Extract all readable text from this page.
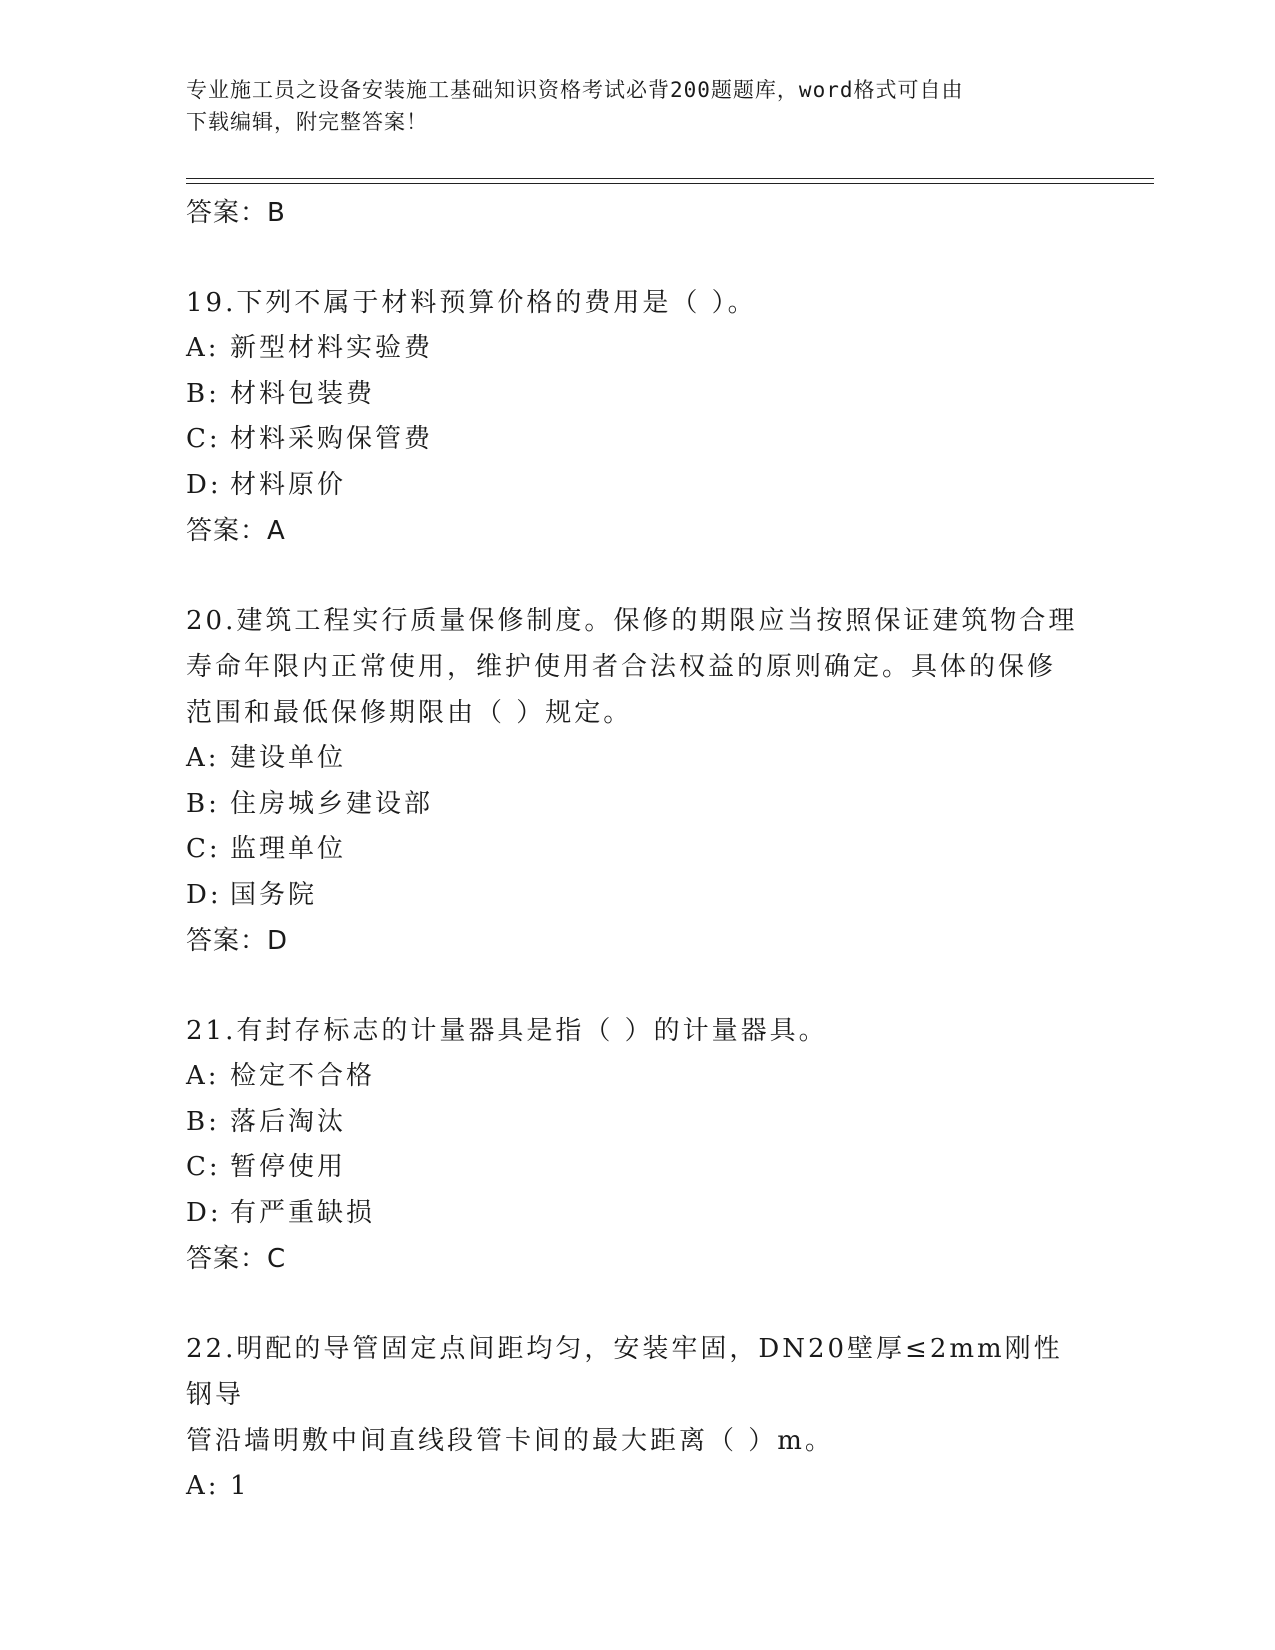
专业施工员之设备安装施工基础知识资格考试必背200题题库，word格式可自由
下载编辑，附完整答案！
答案：B
19.下列不属于材料预算价格的费用是（ ）。
A: 新型材料实验费
B: 材料包装费
C: 材料采购保管费
D: 材料原价
答案：A
20.建筑工程实行质量保修制度。保修的期限应当按照保证建筑物合理
寿命年限内正常使用，维护使用者合法权益的原则确定。具体的保修
范围和最低保修期限由（ ）规定。
A: 建设单位
B: 住房城乡建设部
C: 监理单位
D: 国务院
答案：D
21.有封存标志的计量器具是指（ ）的计量器具。
A: 检定不合格
B: 落后淘汰
C: 暂停使用
D: 有严重缺损
答案：C
22.明配的导管固定点间距均匀，安装牢固，DN20壁厚≤2mm刚性钢导
管沿墙明敷中间直线段管卡间的最大距离（ ）m。
A: 1
